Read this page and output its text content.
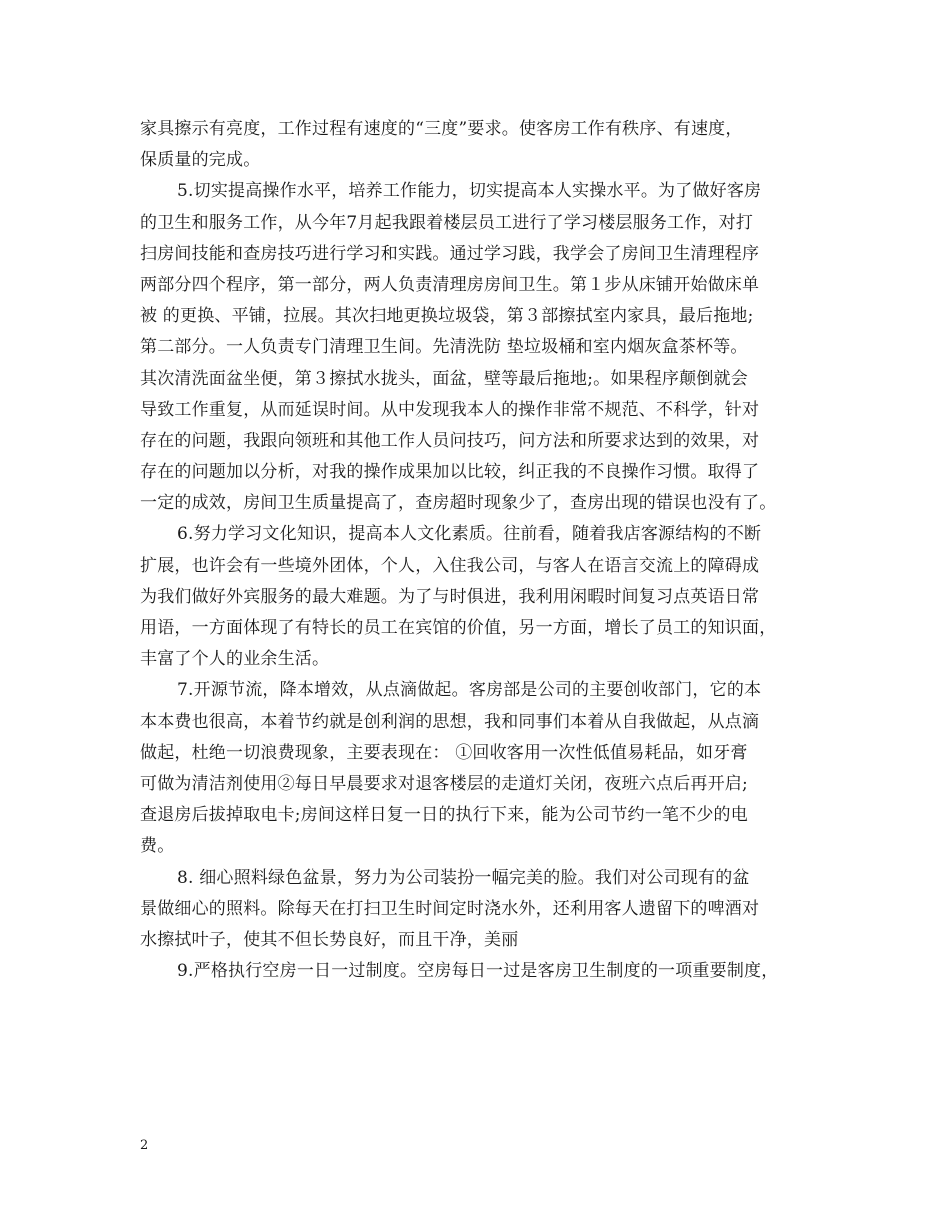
家具擦示有亮度，工作过程有速度的“三度”要求。使客房工作有秩序、有速度，
保质量的完成。
5.切实提高操作水平，培养工作能力，切实提高本人实操水平。为了做好客房
的卫生和服务工作，从今年7月起我跟着楼层员工进行了学习楼层服务工作，对打
扫房间技能和查房技巧进行学习和实践。通过学习践，我学会了房间卫生清理程序
两部分四个程序，第一部分，两人负责清理房房间卫生。第１步从床铺开始做床单
被 的更换、平铺，拉展。其次扫地更换垃圾袋，第３部擦拭室内家具，最后拖地;
第二部分。一人负责专门清理卫生间。先清洗防 垫垃圾桶和室内烟灰盒茶杯等。
其次清洗面盆坐便，第３擦拭水拢头，面盆，壁等最后拖地;。如果程序颠倒就会
导致工作重复，从而延误时间。从中发现我本人的操作非常不规范、不科学，针对
存在的问题，我跟向领班和其他工作人员问技巧，问方法和所要求达到的效果，对
存在的问题加以分析，对我的操作成果加以比较，纠正我的不良操作习惯。取得了
一定的成效，房间卫生质量提高了，查房超时现象少了，查房出现的错误也没有了。
6.努力学习文化知识，提高本人文化素质。往前看，随着我店客源结构的不断
扩展，也许会有一些境外团体，个人，入住我公司，与客人在语言交流上的障碍成
为我们做好外宾服务的最大难题。为了与时俱进，我利用闲暇时间复习点英语日常
用语，一方面体现了有特长的员工在宾馆的价值，另一方面，增长了员工的知识面，
丰富了个人的业余生活。
7.开源节流，降本增效，从点滴做起。客房部是公司的主要创收部门，它的本
本本费也很高，本着节约就是创利润的思想，我和同事们本着从自我做起，从点滴
做起，杜绝一切浪费现象，主要表现在： ①回收客用一次性低值易耗品，如牙膏
可做为清洁剂使用②每日早晨要求对退客楼层的走道灯关闭，夜班六点后再开启;
查退房后拔掉取电卡;房间这样日复一日的执行下来，能为公司节约一笔不少的电
费。
8. 细心照料绿色盆景，努力为公司装扮一幅完美的脸。我们对公司现有的盆
景做细心的照料。除每天在打扫卫生时间定时浇水外，还利用客人遗留下的啤酒对
水擦拭叶子，使其不但长势良好，而且干净，美丽
9.严格执行空房一日一过制度。空房每日一过是客房卫生制度的一项重要制度，
2
